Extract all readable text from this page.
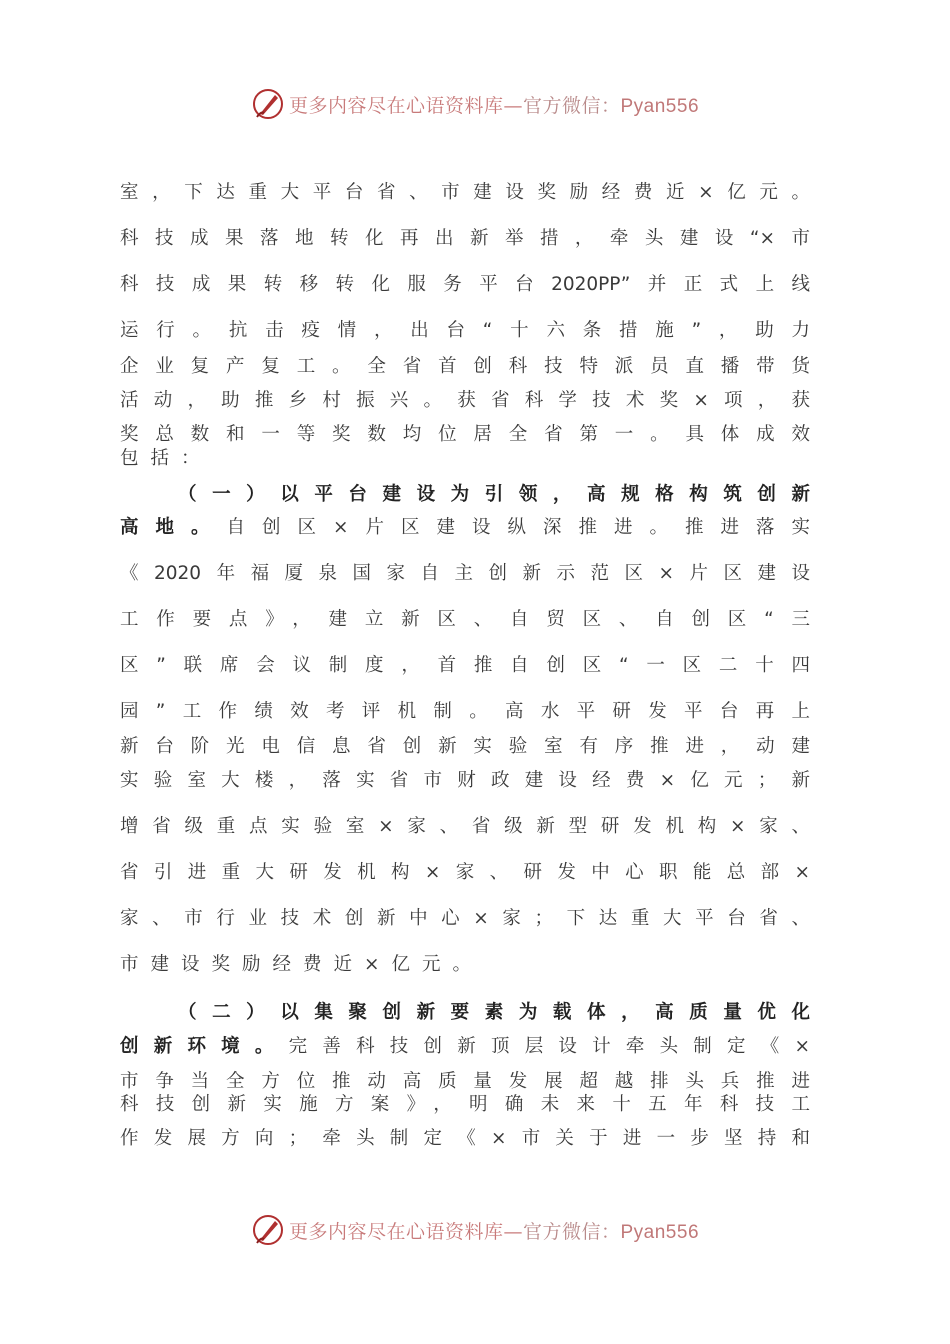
更多内容尽在心语资料库—官方微信：Pyan556
室，下达重大平台省、市建设奖励经费近×亿元。
科技成果落地转化再出新举措，牵头建设“×市
科技成果转移转化服务平台2020PP”并正式上线
运行。抗击疫情，出台“十六条措施”，助力
企业复产复工。全省首创科技特派员直播带货
活动，助推乡村振兴。获省科学技术奖×项，获
奖总数和一等奖数均位居全省第一。具体成效
包括：
（一）以平台建设为引领，高规格构筑创新
高地。自创区×片区建设纵深推进。推进落实
《2020年福厦泉国家自主创新示范区×片区建设
工作要点》，建立新区、自贸区、自创区“三
区”联席会议制度，首推自创区“一区二十四
园”工作绩效考评机制。高水平研发平台再上
新台阶光电信息省创新实验室有序推进，动建
实验室大楼，落实省市财政建设经费×亿元；新
增省级重点实验室×家、省级新型研发机构×家、
省引进重大研发机构×家、研发中心职能总部×
家、市行业技术创新中心×家；下达重大平台省、
市建设奖励经费近×亿元。
（二）以集聚创新要素为载体，高质量优化
创新环境。完善科技创新顶层设计牵头制定《×
市争当全方位推动高质量发展超越排头兵推进
科技创新实施方案》，明确未来十五年科技工
作发展方向；牵头制定《×市关于进一步坚持和
更多内容尽在心语资料库—官方微信：Pyan556
